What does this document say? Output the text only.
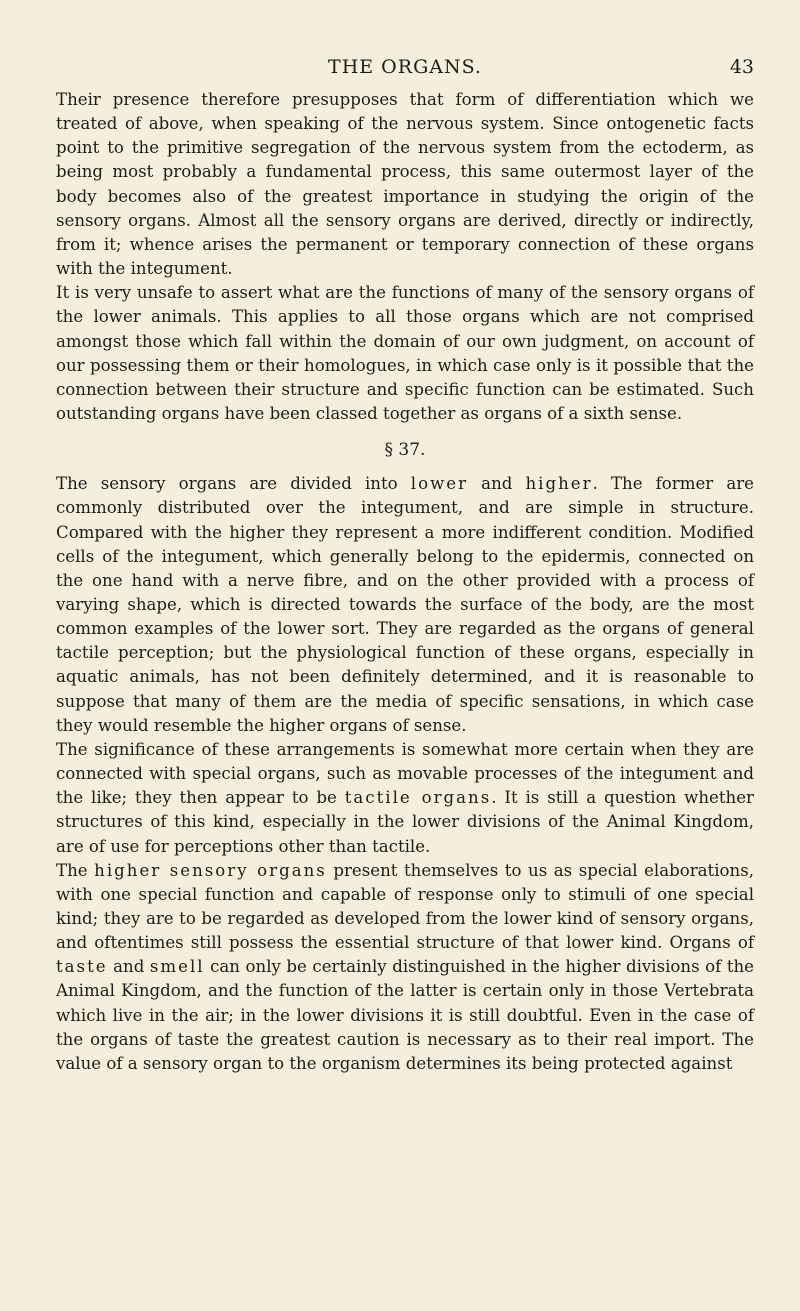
THE ORGANS.	43

Their presence therefore presupposes that form of differentiation which we treated of above, when speaking of the nervous system. Since ontogenetic facts point to the primitive segregation of the nervous system from the ectoderm, as being most probably a fundamental process, this same outermost layer of the body becomes also of the greatest importance in studying the origin of the sensory organs. Almost all the sensory organs are derived, directly or indirectly, from it; whence arises the permanent or temporary connection of these organs with the integument.

It is very unsafe to assert what are the functions of many of the sensory organs of the lower animals. This applies to all those organs which are not comprised amongst those which fall within the domain of our own judgment, on account of our possessing them or their homologues, in which case only is it possible that the connection between their structure and specific function can be estimated. Such outstanding organs have been classed together as organs of a sixth sense.

§ 37.

The sensory organs are divided into lower and higher. The former are commonly distributed over the integument, and are simple in structure. Compared with the higher they represent a more indifferent condition. Modified cells of the integument, which generally belong to the epidermis, connected on the one hand with a nerve fibre, and on the other provided with a process of varying shape, which is directed towards the surface of the body, are the most common examples of the lower sort. They are regarded as the organs of general tactile perception; but the physiological function of these organs, especially in aquatic animals, has not been definitely determined, and it is reasonable to suppose that many of them are the media of specific sensations, in which case they would resemble the higher organs of sense.

The significance of these arrangements is somewhat more certain when they are connected with special organs, such as movable processes of the integument and the like; they then appear to be tactile organs. It is still a question whether structures of this kind, especially in the lower divisions of the Animal Kingdom, are of use for perceptions other than tactile.

The higher sensory organs present themselves to us as special elaborations, with one special function and capable of response only to stimuli of one special kind; they are to be regarded as developed from the lower kind of sensory organs, and oftentimes still possess the essential structure of that lower kind. Organs of taste and smell can only be certainly distinguished in the higher divisions of the Animal Kingdom, and the function of the latter is certain only in those Vertebrata which live in the air; in the lower divisions it is still doubtful. Even in the case of the organs of taste the greatest caution is necessary as to their real import. The value of a sensory organ to the organism determines its being protected against
